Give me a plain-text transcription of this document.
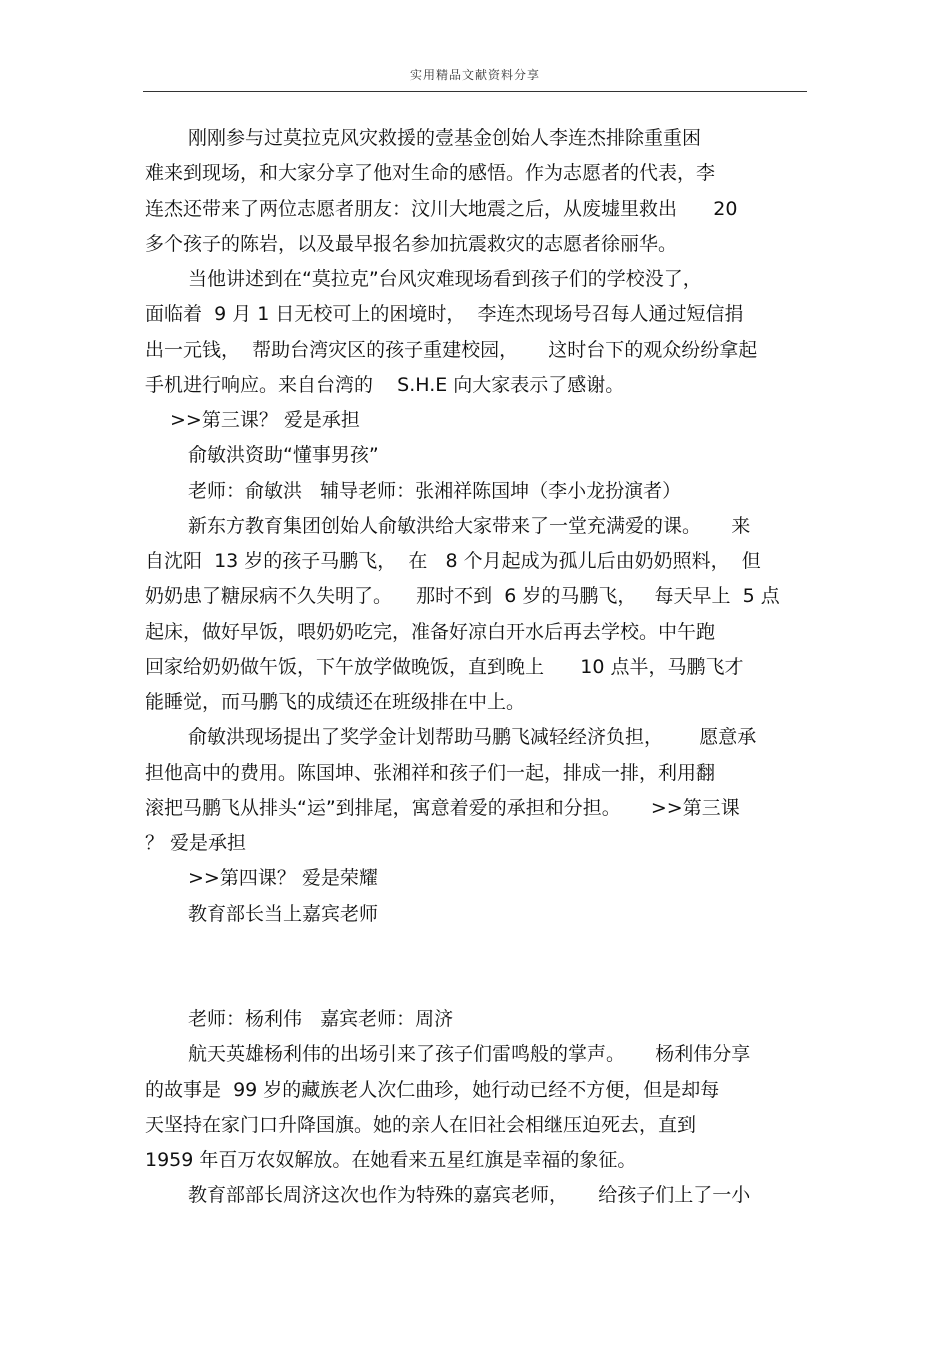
实用精品文献资料分享
刚刚参与过莫拉克风灾救援的壹基金创始人李连杰排除重重困
难来到现场，和大家分享了他对生命的感悟。作为志愿者的代表，李
连杰还带来了两位志愿者朋友：汶川大地震之后，从废墟里救出      20
多个孩子的陈岩，以及最早报名参加抗震救灾的志愿者徐丽华。
当他讲述到在“莫拉克”台风灾难现场看到孩子们的学校没了，
面临着  9 月 1 日无校可上的困境时，  李连杰现场号召每人通过短信捐
出一元钱，  帮助台湾灾区的孩子重建校园，     这时台下的观众纷纷拿起
手机进行响应。来自台湾的    S.H.E 向大家表示了感谢。
>>第三课？ 爱是承担
俞敏洪资助“懂事男孩”
老师：俞敏洪   辅导老师：张湘祥陈国坤（李小龙扮演者）
新东方教育集团创始人俞敏洪给大家带来了一堂充满爱的课。     来
自沈阳  13 岁的孩子马鹏飞，  在   8 个月起成为孤儿后由奶奶照料，  但
奶奶患了糖尿病不久失明了。    那时不到  6 岁的马鹏飞，   每天早上  5 点
起床，做好早饭，喂奶奶吃完，准备好凉白开水后再去学校。中午跑
回家给奶奶做午饭，下午放学做晚饭，直到晚上      10 点半，马鹏飞才
能睡觉，而马鹏飞的成绩还在班级排在中上。
俞敏洪现场提出了奖学金计划帮助马鹏飞减轻经济负担，      愿意承
担他高中的费用。陈国坤、张湘祥和孩子们一起，排成一排，利用翻
滚把马鹏飞从排头“运”到排尾，寓意着爱的承担和分担。     >>第三课
？ 爱是承担
>>第四课？ 爱是荣耀
教育部长当上嘉宾老师
老师：杨利伟   嘉宾老师：周济
航天英雄杨利伟的出场引来了孩子们雷鸣般的掌声。     杨利伟分享
的故事是  99 岁的藏族老人次仁曲珍，她行动已经不方便，但是却每
天坚持在家门口升降国旗。她的亲人在旧社会相继压迫死去，直到
1959 年百万农奴解放。在她看来五星红旗是幸福的象征。
教育部部长周济这次也作为特殊的嘉宾老师，     给孩子们上了一小
